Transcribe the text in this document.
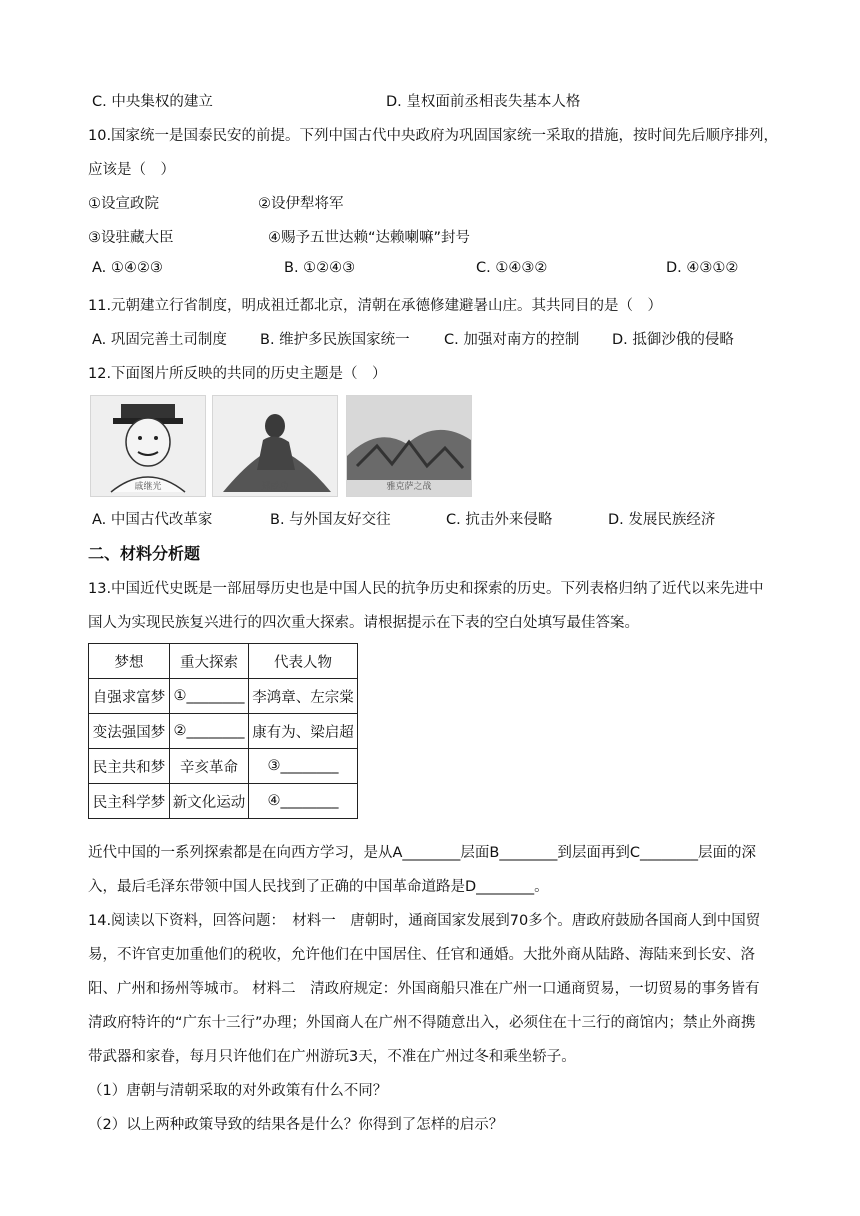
C. 中央集权的建立	D. 皇权面前丞相丧失基本人格
10.国家统一是国泰民安的前提。下列中国古代中央政府为巩固国家统一采取的措施，按时间先后顺序排列，
应该是（　）
①设宣政院	②设伊犁将军
③设驻藏大臣	④赐予五世达赖“达赖喇嘛”封号
A. ①④②③	B. ①②④③	C. ①④③②	D. ④③①②
11.元朝建立行省制度，明成祖迁都北京，清朝在承德修建避暑山庄。其共同目的是（　）
A. 巩固完善土司制度 B. 维护多民族国家统一 C. 加强对南方的控制 D. 抵御沙俄的侵略
12.下面图片所反映的共同的历史主题是（　）
戚继光	郑成功	雅克萨之战
A. 中国古代改革家	B. 与外国友好交往	C. 抗击外来侵略	D. 发展民族经济
二、材料分析题
13.中国近代史既是一部屈辱历史也是中国人民的抗争历史和探索的历史。下列表格归纳了近代以来先进中
国人为实现民族复兴进行的四次重大探索。请根据提示在下表的空白处填写最佳答案。
梦想	重大探索	代表人物
自强求富梦	①________	李鸿章、左宗棠
变法强国梦	②________	康有为、梁启超
民主共和梦	辛亥革命	③________
民主科学梦	新文化运动	④________
近代中国的一系列探索都是在向西方学习，是从A________层面B________到层面再到C________层面的深
入，最后毛泽东带领中国人民找到了正确的中国革命道路是D________。
14.阅读以下资料，回答问题：　材料一　唐朝时，通商国家发展到70多个。唐政府鼓励各国商人到中国贸
易，不许官吏加重他们的税收，允许他们在中国居住、任官和通婚。大批外商从陆路、海陆来到长安、洛
阳、广州和扬州等城市。 材料二　清政府规定：外国商船只准在广州一口通商贸易，一切贸易的事务皆有
清政府特许的“广东十三行”办理；外国商人在广州不得随意出入，必须住在十三行的商馆内；禁止外商携
带武器和家眷，每月只许他们在广州游玩3天，不准在广州过冬和乘坐轿子。
（1）唐朝与清朝采取的对外政策有什么不同？
（2）以上两种政策导致的结果各是什么？你得到了怎样的启示？
